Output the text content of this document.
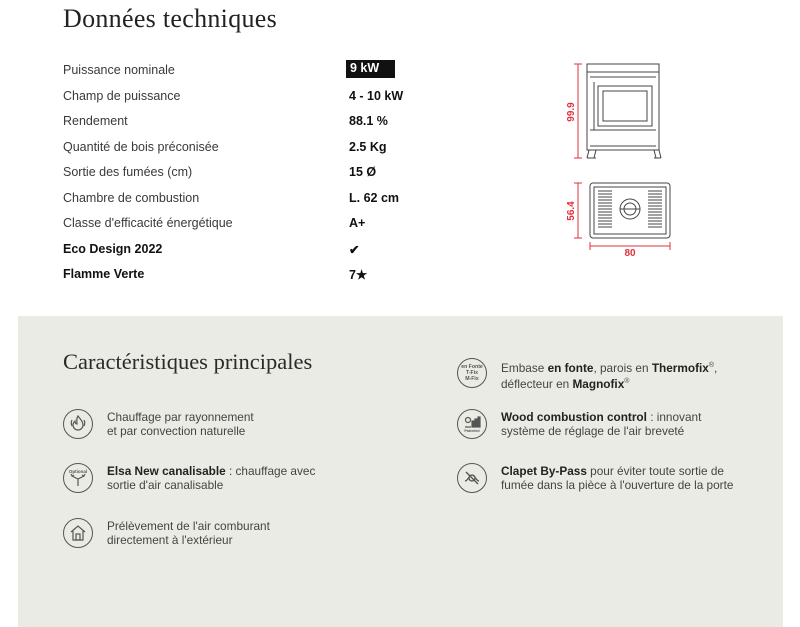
Données techniques
Puissance nominale	9 kW
Champ de puissance	4 - 10 kW
Rendement	88.1 %
Quantité de bois préconisée	2.5 Kg
Sortie des fumées (cm)	15 Ø
Chambre de combustion	L. 62 cm
Classe d'efficacité énergétique	A+
Eco Design 2022	✔
Flamme Verte	7★
99.9
56.4
80
Caractéristiques principales
Chauffage par rayonnement
et par convection naturelle
Optional Elsa New canalisable : chauffage avec
sortie d'air canalisable
Prélèvement de l'air comburant
directement à l'extérieur
en Fonte
T-Fix
M-Fix
Embase en fonte, parois en Thermofix®,
déflecteur en Magnofix®
Patented
Wood combustion control : innovant
système de réglage de l'air breveté
Clapet By-Pass pour éviter toute sortie de
fumée dans la pièce à l'ouverture de la porte
